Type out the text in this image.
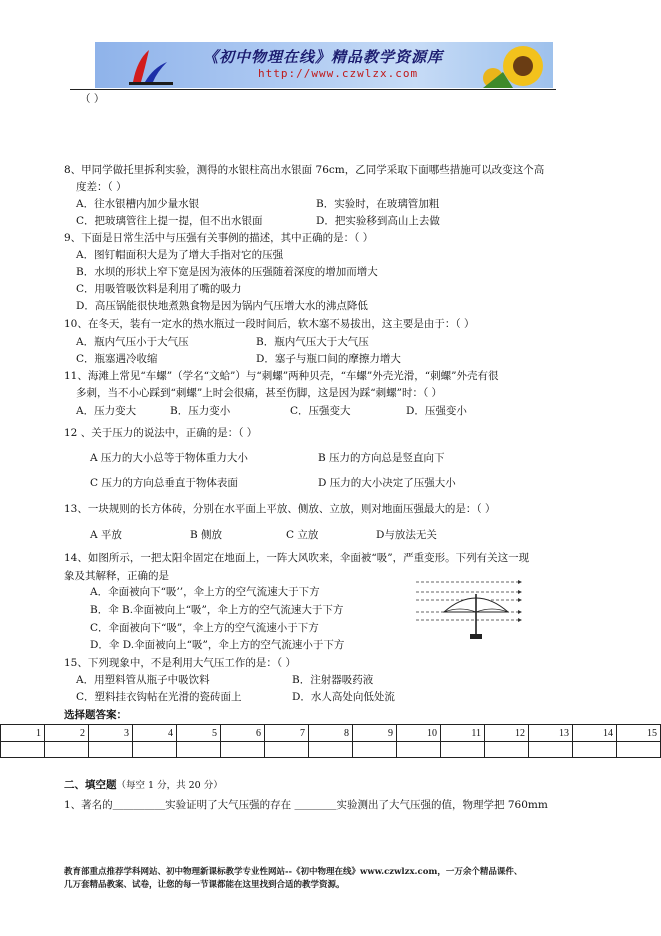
《初中物理在线》精品教学资源库
http://www.czwlzx.com
（ ）
8、甲同学做托里拆利实验，测得的水银柱高出水银面 76cm，乙同学采取下面哪些措施可以改变这个高
度差：（ ）
A．往水银槽内加少量水银	B．实验时，在玻璃管加粗
C．把玻璃管往上提一提，但不出水银面	D．把实验移到高山上去做
9、下面是日常生活中与压强有关事例的描述，其中正确的是：（ ）
A．图钉帽面积大是为了增大手指对它的压强
B．水坝的形状上窄下宽是因为液体的压强随着深度的增加而增大
C．用吸管吸饮料是利用了嘴的吸力
D．高压锅能很快地煮熟食物是因为锅内气压增大水的沸点降低
10、在冬天，装有一定水的热水瓶过一段时间后，软木塞不易拔出，这主要是由于：（ ）
A．瓶内气压小于大气压	B．瓶内气压大于大气压
C．瓶塞遇冷收缩	D．塞子与瓶口间的摩擦力增大
11、海滩上常见“车螺”（学名“文蛤”）与“刺螺”两种贝壳，“车螺”外壳光滑，“刺螺”外壳有很
多刺，当不小心踩到“刺螺”上时会很痛，甚至伤脚，这是因为踩“刺螺”时：（ ）
A．压力变大	B．压力变小	C．压强变大	D．压强变小
12 、关于压力的说法中，正确的是：（ ）
A 压力的大小总等于物体重力大小	B 压力的方向总是竖直向下
C 压力的方向总垂直于物体表面	D 压力的大小决定了压强大小
13、一块规则的长方体砖，分别在水平面上平放、侧放、立放，则对地面压强最大的是：（ ）
A 平放	B 侧放	C 立放	D与放法无关
14、如图所示，一把太阳伞固定在地面上，一阵大风吹来，伞面被“吸”，严重变形。下列有关这一现
象及其解释，正确的是
A．伞面被向下“吸’’，伞上方的空气流速大于下方
B．伞 B.伞面被向上“吸”，伞上方的空气流速大于下方
C．伞面被向下“吸”，伞上方的空气流速小于下方
D．伞 D.伞面被向上“吸”，伞上方的空气流速小于下方
15、下列现象中，不是利用大气压工作的是：（ ）
A．用塑料管从瓶子中吸饮料	B．注射器吸药液
C．塑料挂衣钩帖在光滑的瓷砖面上	D．水人高处向低处流
选择题答案：
1	2	3	4	5	6	7	8	9	10	11	12	13	14	15

二、填空题（每空 1 分，共 20 分）
1、著名的＿＿＿＿＿实验证明了大气压强的存在 ＿＿＿＿实验测出了大气压强的值，物理学把 760mm
教育部重点推荐学科网站、初中物理新课标教学专业性网站--《初中物理在线》www.czwlzx.com，一万余个精品课件、
几万套精品教案、试卷，让您的每一节课都能在这里找到合适的教学资源。
